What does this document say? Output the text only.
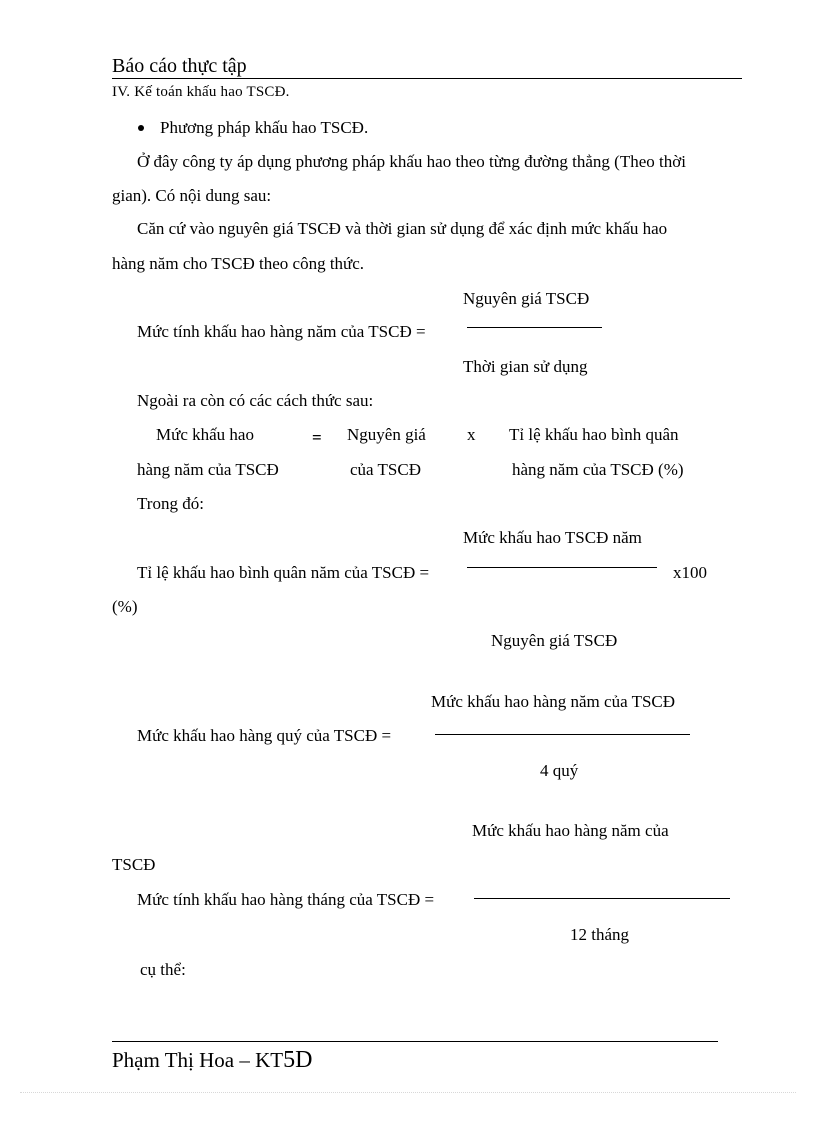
Báo cáo thực tập
IV. Kế toán khấu hao TSCĐ.
Phương pháp khấu hao TSCĐ.
Ở đây công ty áp dụng phương pháp khấu hao theo từng đường thẳng (Theo thời
gian). Có nội dung sau:
Căn cứ vào nguyên giá TSCĐ và thời gian sử dụng để xác định mức khấu hao
hàng năm cho TSCĐ theo công thức.
Nguyên giá TSCĐ
Mức tính khấu hao hàng năm của TSCĐ =
Thời gian sử dụng
Ngoài ra còn có các cách thức sau:
Mức khấu hao
hàng năm của TSCĐ
= Nguyên giá
của TSCĐ
x Tỉ lệ khấu hao bình quân
hàng năm của TSCĐ (%)
Trong đó:
Mức khấu hao TSCĐ năm
Tỉ lệ khấu hao bình quân năm của TSCĐ =	x100
(%)
Nguyên giá TSCĐ
Mức khấu hao hàng năm của TSCĐ
Mức khấu hao hàng quý của TSCĐ =
4 quý
Mức khấu hao hàng năm của
TSCĐ
Mức tính khấu hao hàng tháng của TSCĐ =
12 tháng
cụ thể:
Phạm Thị Hoa – KT5D
